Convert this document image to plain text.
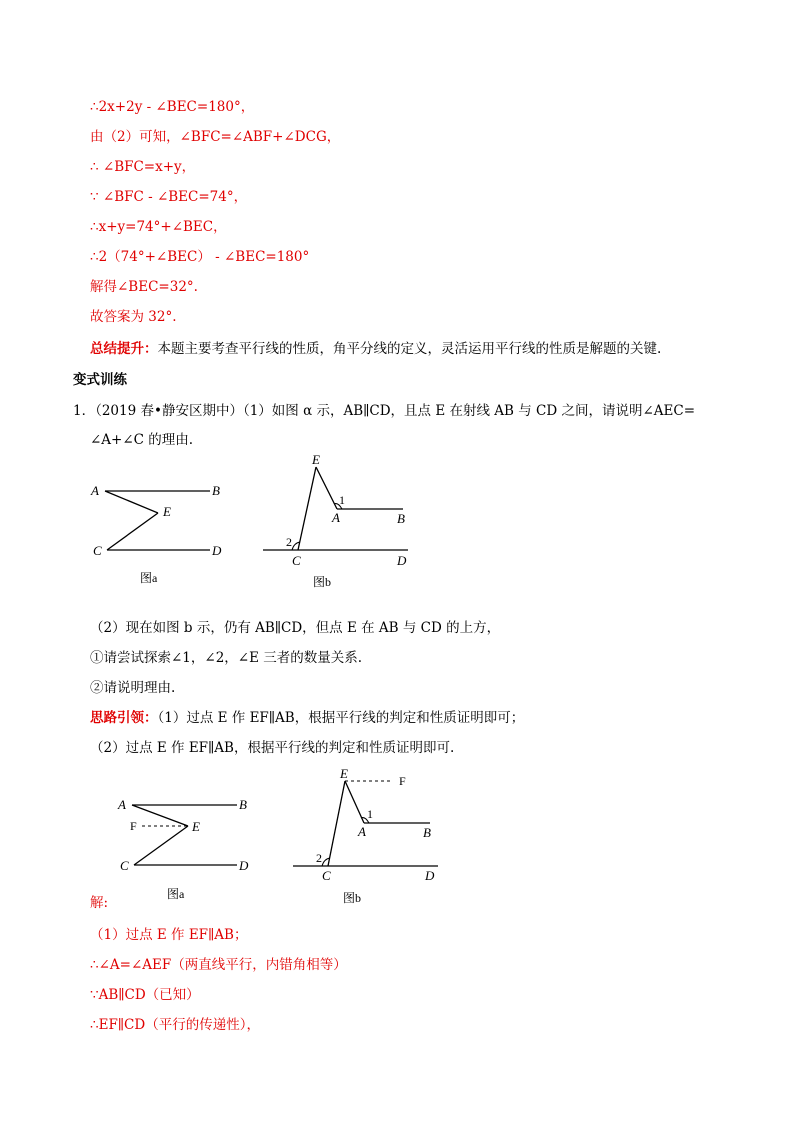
∴2x+2y - ∠BEC=180°，
由（2）可知，∠BFC=∠ABF+∠DCG，
∴ ∠BFC=x+y，
∵ ∠BFC - ∠BEC=74°，
∴x+y=74°+∠BEC，
∴2（74°+∠BEC） - ∠BEC=180°
解得∠BEC=32°.
故答案为 32°.
总结提升：本题主要考查平行线的性质，角平分线的定义，灵活运用平行线的性质是解题的关键.
变式训练
1．（2019 春•静安区期中）（1）如图 α 示，AB∥CD，且点 E 在射线 AB 与 CD 之间，请说明∠AEC=
∠A+∠C 的理由.
A	B
E
C	D
图a
E
1
A	B
2
C	D
图b
（2）现在如图 b 示，仍有 AB∥CD，但点 E 在 AB 与 CD 的上方，
①请尝试探索∠1，∠2，∠E 三者的数量关系.
②请说明理由.
思路引领：（1）过点 E 作 EF∥AB，根据平行线的判定和性质证明即可；
（2）过点 E 作 EF∥AB，根据平行线的判定和性质证明即可.
A	B
F	E
C	D
图a
E	F
1
A	B
2
C	D
图b
解:
（1）过点 E 作 EF∥AB；
∴∠A=∠AEF（两直线平行，内错角相等）
∵AB∥CD（已知）
∴EF∥CD（平行的传递性），
